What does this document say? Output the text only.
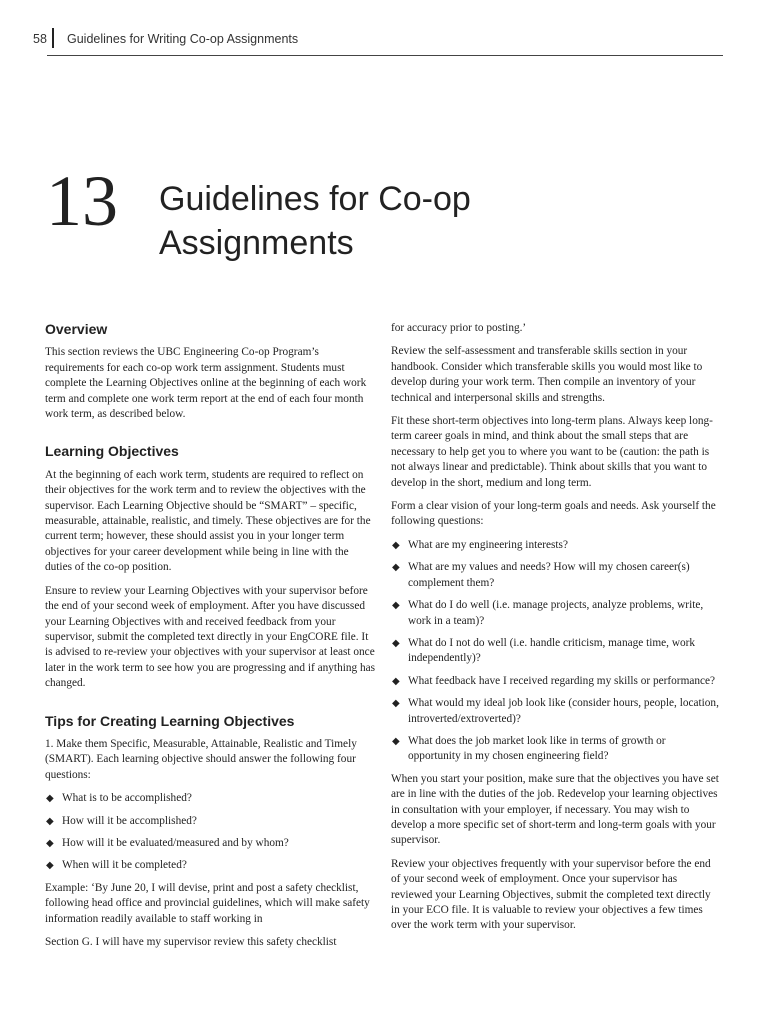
58 Guidelines for Writing Co-op Assignments
13 Guidelines for Co-op
Assignments
Overview

This section reviews the UBC Engineering Co-op Program’s requirements for each co-op work term assignment. Students must complete the Learning Objectives online at the beginning of each work term and complete one work term report at the end of each four month work term, as described below.

Learning Objectives

At the beginning of each work term, students are required to reflect on their objectives for the work term and to review the objectives with the supervisor. Each Learning Objective should be “SMART” – specific, measurable, attainable, realistic, and timely. These objectives are for the current term; however, these should assist you in your longer term objectives for your career development while being in line with the duties of the co-op position.

Ensure to review your Learning Objectives with your supervisor before the end of your second week of employment. After you have discussed your Learning Objectives with and received feedback from your supervisor, submit the completed text directly in your EngCORE file. It is advised to re-review your objectives with your supervisor at least once later in the work term to see how you are progressing and if anything has changed.

Tips for Creating Learning Objectives

1. Make them Specific, Measurable, Attainable, Realistic and Timely (SMART). Each learning objective should answer the following four questions:

◆ What is to be accomplished?
◆ How will it be accomplished?
◆ How will it be evaluated/measured and by whom?
◆ When will it be completed?

Example: ‘By June 20, I will devise, print and post a safety checklist, following head office and provincial guidelines, which will make safety information readily available to staff working in

Section G. I will have my supervisor review this safety checklist

for accuracy prior to posting.’

Review the self-assessment and transferable skills section in your handbook. Consider which transferable skills you would most like to develop during your work term. Then compile an inventory of your technical and interpersonal skills and strengths.

Fit these short-term objectives into long-term plans. Always keep long-term career goals in mind, and think about the small steps that are necessary to help get you to where you want to be (caution: the path is not always linear and predictable). Think about skills that you want to develop in the short, medium and long term.

Form a clear vision of your long-term goals and needs. Ask yourself the following questions:

◆ What are my engineering interests?
◆ What are my values and needs? How will my chosen career(s) complement them?
◆ What do I do well (i.e. manage projects, analyze problems, write, work in a team)?
◆ What do I not do well (i.e. handle criticism, manage time, work independently)?
◆ What feedback have I received regarding my skills or performance?
◆ What would my ideal job look like (consider hours, people, location, introverted/extroverted)?
◆ What does the job market look like in terms of growth or opportunity in my chosen engineering field?

When you start your position, make sure that the objectives you have set are in line with the duties of the job. Redevelop your learning objectives in consultation with your employer, if necessary. You may wish to develop a more specific set of short-term and long-term goals with your supervisor.

Review your objectives frequently with your supervisor before the end of your second week of employment. Once your supervisor has reviewed your Learning Objectives, submit the completed text directly in your ECO file. It is valuable to review your objectives a few times over the work term with your supervisor.
